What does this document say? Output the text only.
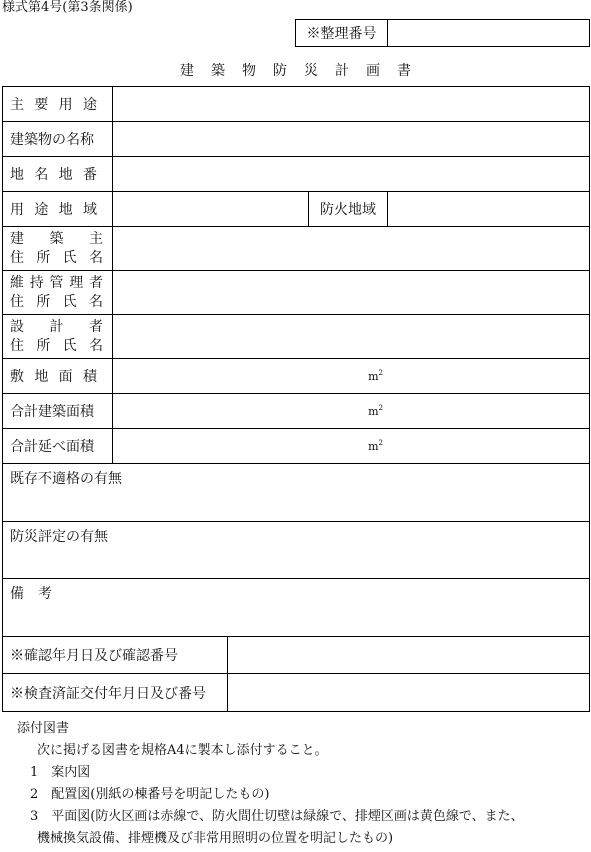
様式第4号(第3条関係)
※整理番号
建築物防災計画書
主 要 用 途
建築物の名称
地 名 地 番
用 途 地 域	防火地域
建 築 主
住 所 氏 名
維 持 管 理 者
住 所 氏 名
設 計 者
住 所 氏 名
敷 地 面 積	$m^2$
合計建築面積	$m^2$
合計延べ面積	$m^2$
既存不適格の有無
防災評定の有無
備 考
※確認年月日及び確認番号
※検査済証交付年月日及び番号
添付図書
次に掲げる図書を規格A4に製本し添付すること。
1　案内図
2　配置図(別紙の棟番号を明記したもの)
3　平面図(防火区画は赤線で、防火間仕切壁は緑線で、排煙区画は黄色線で、また、
機械換気設備、排煙機及び非常用照明の位置を明記したもの)
